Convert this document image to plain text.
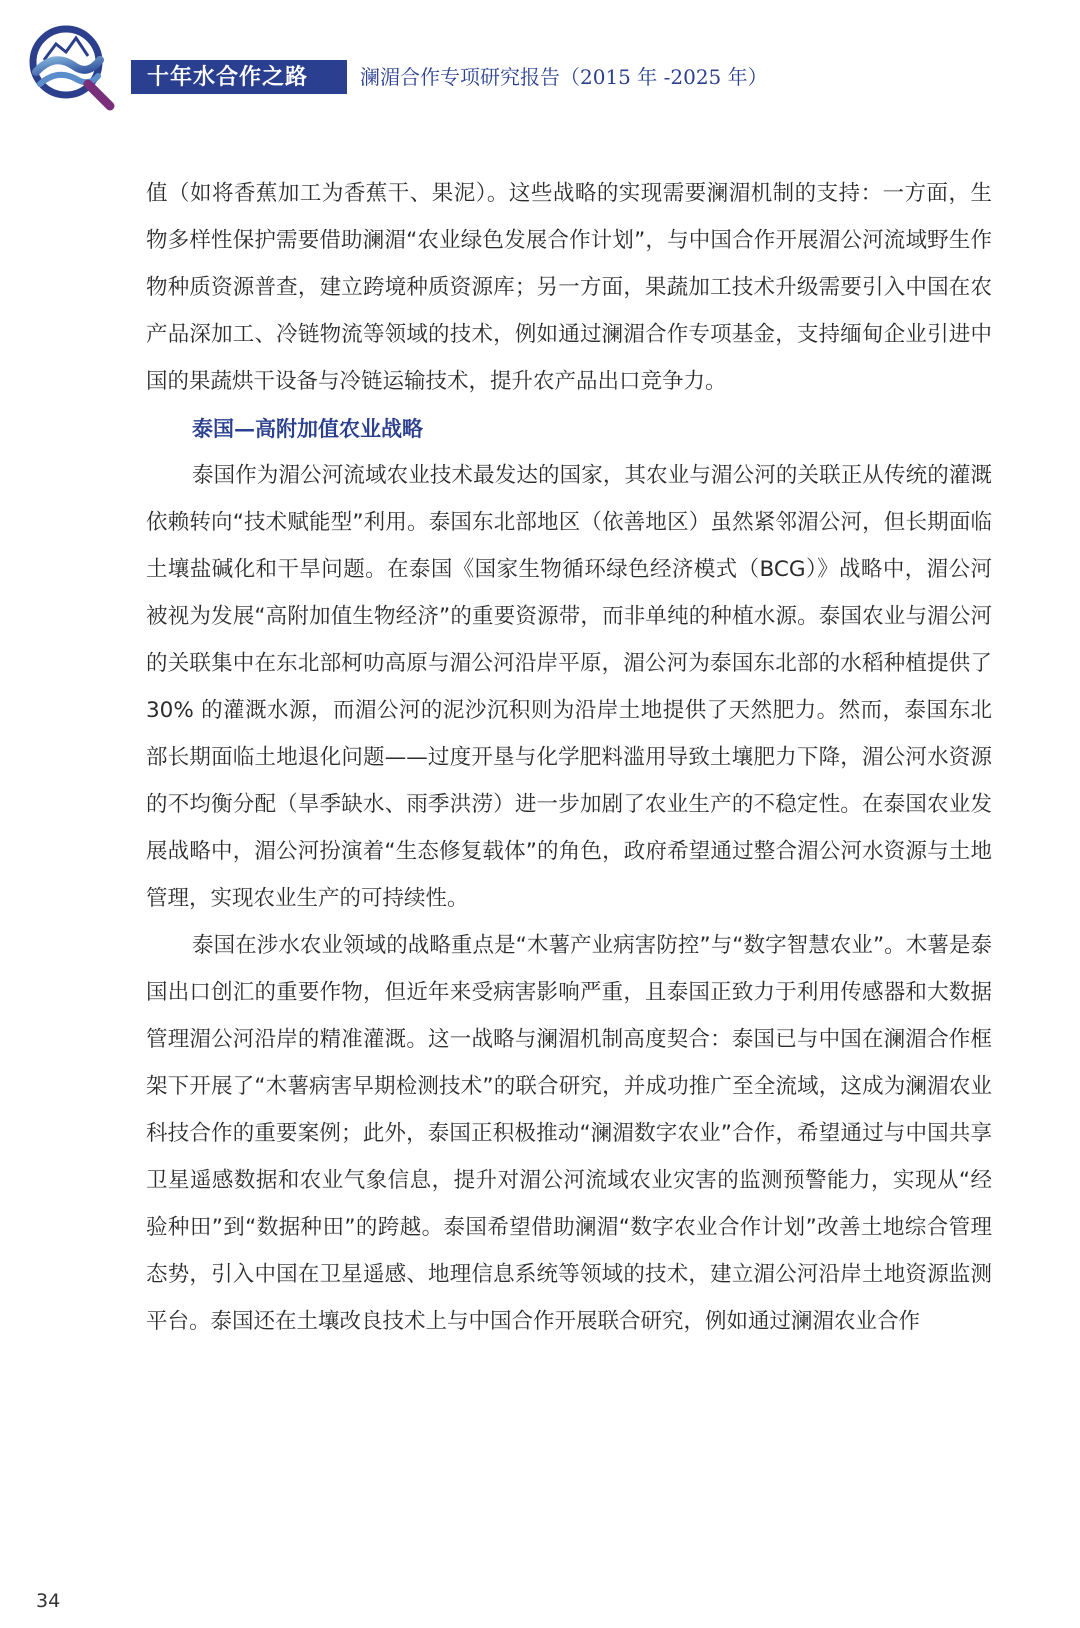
十年水合作之路	澜湄合作专项研究报告（2015 年 -2025 年）

值（如将香蕉加工为香蕉干、果泥）。这些战略的实现需要澜湄机制的支持：一方面，生物多样性保护需要借助澜湄“农业绿色发展合作计划”，与中国合作开展湄公河流域野生作物种质资源普查，建立跨境种质资源库；另一方面，果蔬加工技术升级需要引入中国在农产品深加工、冷链物流等领域的技术，例如通过澜湄合作专项基金，支持缅甸企业引进中国的果蔬烘干设备与冷链运输技术，提升农产品出口竞争力。

泰国—高附加值农业战略

泰国作为湄公河流域农业技术最发达的国家，其农业与湄公河的关联正从传统的灌溉依赖转向“技术赋能型”利用。泰国东北部地区（依善地区）虽然紧邻湄公河，但长期面临土壤盐碱化和干旱问题。在泰国《国家生物循环绿色经济模式（BCG）》战略中，湄公河被视为发展“高附加值生物经济”的重要资源带，而非单纯的种植水源。泰国农业与湄公河的关联集中在东北部柯叻高原与湄公河沿岸平原，湄公河为泰国东北部的水稻种植提供了 30% 的灌溉水源，而湄公河的泥沙沉积则为沿岸土地提供了天然肥力。然而，泰国东北部长期面临土地退化问题——过度开垦与化学肥料滥用导致土壤肥力下降，湄公河水资源的不均衡分配（旱季缺水、雨季洪涝）进一步加剧了农业生产的不稳定性。在泰国农业发展战略中，湄公河扮演着“生态修复载体”的角色，政府希望通过整合湄公河水资源与土地管理，实现农业生产的可持续性。

泰国在涉水农业领域的战略重点是“木薯产业病害防控”与“数字智慧农业”。木薯是泰国出口创汇的重要作物，但近年来受病害影响严重，且泰国正致力于利用传感器和大数据管理湄公河沿岸的精准灌溉。这一战略与澜湄机制高度契合：泰国已与中国在澜湄合作框架下开展了“木薯病害早期检测技术”的联合研究，并成功推广至全流域，这成为澜湄农业科技合作的重要案例；此外，泰国正积极推动“澜湄数字农业”合作，希望通过与中国共享卫星遥感数据和农业气象信息，提升对湄公河流域农业灾害的监测预警能力，实现从“经验种田”到“数据种田”的跨越。泰国希望借助澜湄“数字农业合作计划”改善土地综合管理态势，引入中国在卫星遥感、地理信息系统等领域的技术，建立湄公河沿岸土地资源监测平台。泰国还在土壤改良技术上与中国合作开展联合研究，例如通过澜湄农业合作

34
